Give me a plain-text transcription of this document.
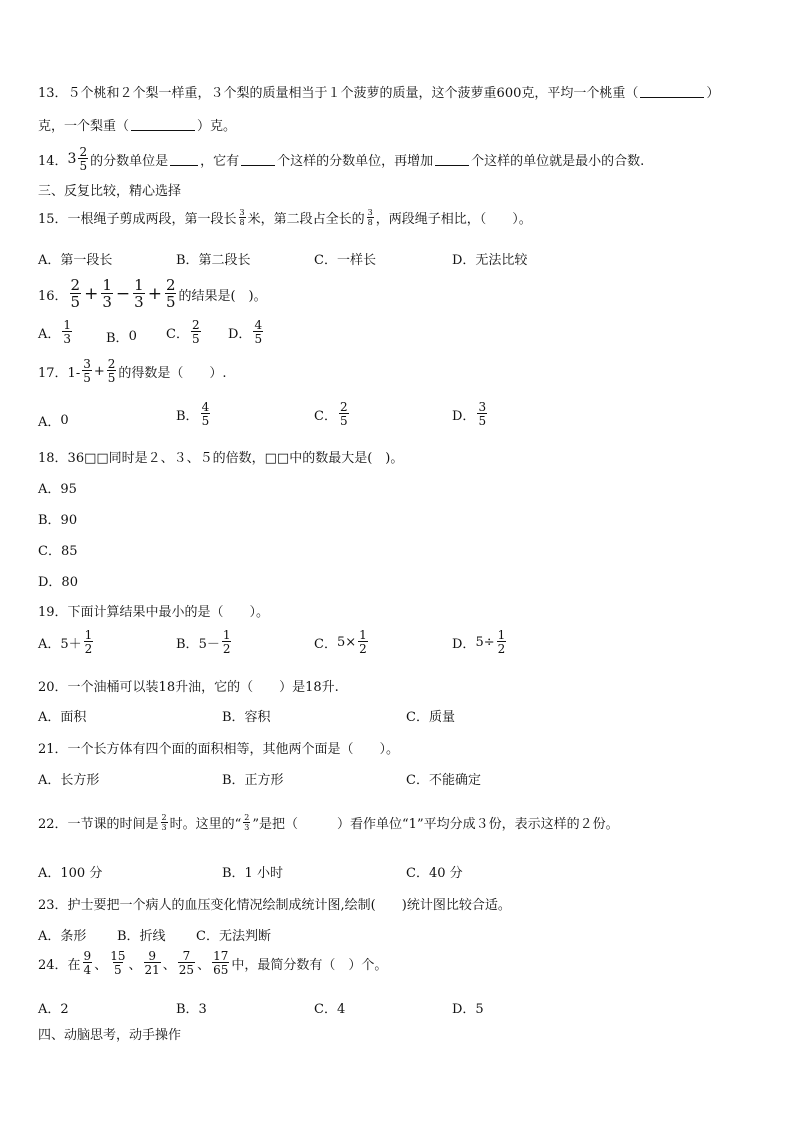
13．５个桃和２个梨一样重，３个梨的质量相当于１个菠萝的质量，这个菠萝重600克，平均一个桃重（	）
克，一个梨重（	）克。
14． $3 \frac{2}{5}$ 的分数单位是 ，它有	个这样的分数单位，再增加	个这样的单位就是最小的合数.
三、反复比较，精心选择
15．一根绳子剪成两段，第一段长 $\frac{3}{8}$ 米，第二段占全长的 $\frac{3}{8}$ ，两段绳子相比，（　　）。
A．第一段长	B．第二段长	C．一样长	D．无法比较
16． $\frac{2}{5} + \frac{1}{3} - \frac{1}{3} + \frac{2}{5}$ 的结果是(　)。
A． $\frac{1}{3}$	B． 0 C． $\frac{2}{5}$ D． $\frac{4}{5}$
17．$1- \frac{3}{5} + \frac{2}{5}$ 的得数是（　　）.
A． 0	B． $\frac{4}{5}$	C． $\frac{2}{5}$	D． $\frac{3}{5}$
18．36□□同时是２、３、５的倍数，□□中的数最大是(　)。
A．95
B．90
C．85
D．80
19．下面计算结果中最小的是（　　）。
A． $5+ \frac{1}{2}$	B． $5- \frac{1}{2}$	C． $5\times \frac{1}{2}$	D． $5\div \frac{1}{2}$
20．一个油桶可以装18升油，它的（　　）是18升.
A．面积	B．容积	C．质量
21．一个长方体有四个面的面积相等，其他两个面是（　　）。
A．长方形	B．正方形	C．不能确定
22．一节课的时间是 $\frac{2}{3}$ 时。这里的“ $\frac{2}{3}$ ”是把（　　　）看作单位“1”平均分成３份，表示这样的２份。
A．100 分	B．1 小时	C．40 分
23．护士要把一个病人的血压变化情况绘制成统计图,绘制(　　)统计图比较合适。
A．条形 B．折线 C．无法判断
24．在 $\frac{9}{4}$ 、 $\frac{15}{5}$ 、 $\frac{9}{21}$ 、 $\frac{7}{25}$ 、 $\frac{17}{65}$ 中，最简分数有（　）个。
A．2	B．3	C．4	D．5
四、动脑思考，动手操作
